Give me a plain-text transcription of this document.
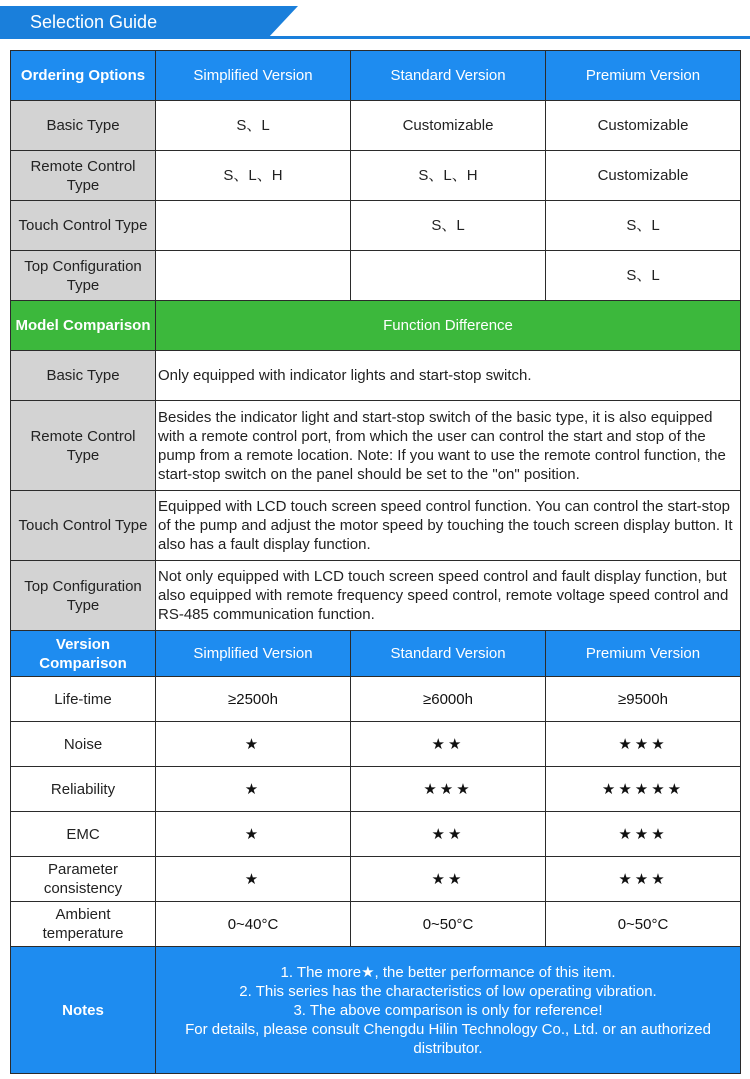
Selection Guide
Ordering Options	Simplified Version	Standard Version	Premium Version
Basic Type	S、L	Customizable	Customizable
Remote Control Type	S、L、H	S、L、H	Customizable
Touch Control Type		S、L	S、L
Top Configuration Type			S、L
Model Comparison	Function Difference		
Basic Type	Only equipped with indicator lights and start-stop switch.		
Remote Control Type	Besides the indicator light and start-stop switch of the basic type, it is also equipped with a remote control port, from which the user can control the start and stop of the pump from a remote location. Note: If you want to use the remote control function, the start-stop switch on the panel should be set to the "on" position.		
Touch Control Type	Equipped with LCD touch screen speed control function. You can control the start-stop of the pump and adjust the motor speed by touching the touch screen display button. It also has a fault display function.		
Top Configuration Type	Not only equipped with LCD touch screen speed control and fault display function, but also equipped with remote frequency speed control, remote voltage speed control and RS-485 communication function.		
Version Comparison	Simplified Version	Standard Version	Premium Version
Life-time	≥2500h	≥6000h	≥9500h
Noise	★	★★	★★★
Reliability	★	★★★	★★★★★
EMC	★	★★	★★★
Parameter consistency	★	★★	★★★
Ambient temperature	0~40°C	0~50°C	0~50°C
Notes	1. The more★, the better performance of this item.
2. This series has the characteristics of low operating vibration.
3. The above comparison is only for reference!
For details, please consult Chengdu Hilin Technology Co., Ltd. or an authorized distributor.		
